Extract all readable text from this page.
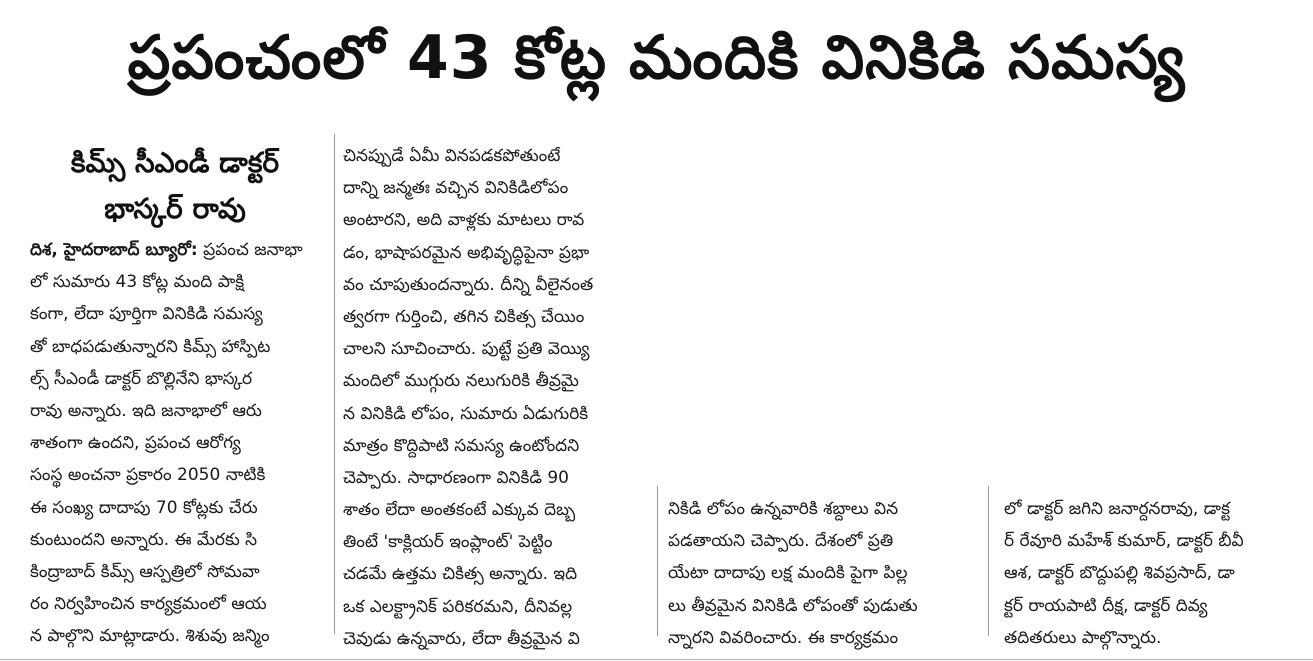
ప్రపంచంలో 43 కోట్ల మందికి వినికిడి సమస్య
కిమ్స్ సీఎండీ డాక్టర్
భాస్కర్ రావు
దిశ, హైదరాబాద్ బ్యూరో: ప్రపంచ జనాభా
లో సుమారు 43 కోట్ల మంది పాక్షి
కంగా, లేదా పూర్తిగా వినికిడి సమస్య
తో బాధపడుతున్నారని కిమ్స్ హాస్పిట
ల్స్ సీఎండీ డాక్టర్ బొల్లినేని భాస్కర
రావు అన్నారు. ఇది జనాభాలో ఆరు
శాతంగా ఉందని, ప్రపంచ ఆరోగ్య
సంస్థ అంచనా ప్రకారం 2050 నాటికి
ఈ సంఖ్య దాదాపు 70 కోట్లకు చేరు
కుంటుందని అన్నారు. ఈ మేరకు సి
కింద్రాబాద్ కిమ్స్ ఆస్పత్రిలో సోమవా
రం నిర్వహించిన కార్యక్రమంలో ఆయ
న పాల్గొని మాట్లాడారు. శిశువు జన్మిం
చినప్పుడే ఏమీ వినపడకపోతుంటే
దాన్ని జన్మతః వచ్చిన వినికిడిలోపం
అంటారని, అది వాళ్లకు మాటలు రావ
డం, భాషాపరమైన అభివృద్ధిపైనా ప్రభా
వం చూపుతుందన్నారు. దీన్ని వీలైనంత
త్వరగా గుర్తించి, తగిన చికిత్స చేయిం
చాలని సూచించారు. పుట్టే ప్రతి వెయ్యి
మందిలో ముగ్గురు నలుగురికి తీవ్రమై
న వినికిడి లోపం, సుమారు ఏడుగురికి
మాత్రం కొద్దిపాటి సమస్య ఉంటోందని
చెప్పారు. సాధారణంగా వినికిడి 90
శాతం లేదా అంతకంటే ఎక్కువ దెబ్బ
తింటే 'కాక్లియర్ ఇంప్లాంట్' పెట్టిం
చడమే ఉత్తమ చికిత్స అన్నారు. ఇది
ఒక ఎలక్ట్రానిక్ పరికరమని, దీనివల్ల
చెవుడు ఉన్నవారు, లేదా తీవ్రమైన వి
నికిడి లోపం ఉన్నవారికి శబ్దాలు విన
పడతాయని చెప్పారు. దేశంలో ప్రతి
యేటా దాదాపు లక్ష మందికి పైగా పిల్ల
లు తీవ్రమైన వినికిడి లోపంతో పుడుతు
న్నారని వివరించారు. ఈ కార్యక్రమం
లో డాక్టర్ జగిని జనార్దనరావు, డాక్ట
ర్ రేవూరి మహేశ్ కుమార్, డాక్టర్ బీవీ
ఆశ, డాక్టర్ బొద్దుపల్లి శివప్రసాద్, డా
క్టర్ రాయపాటి దీక్ష, డాక్టర్ దివ్య
తదితరులు పాల్గొన్నారు.
